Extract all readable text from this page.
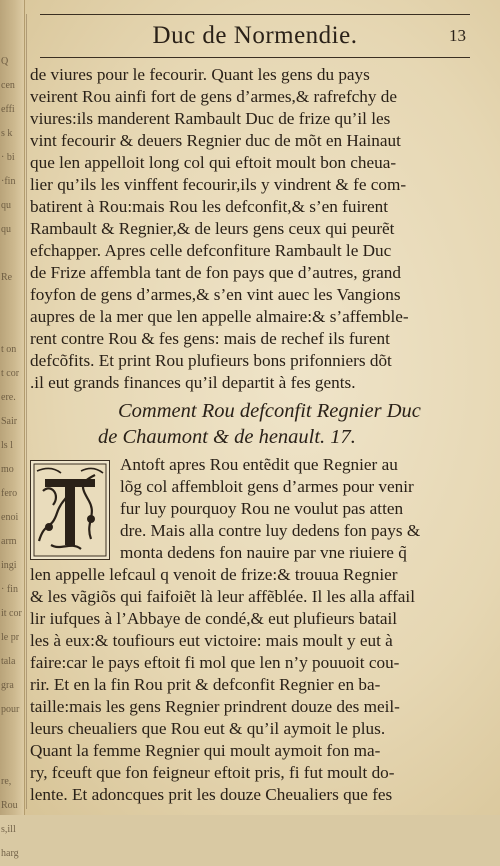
Q
cen
effi
s k
· bi
·fin
qu
qu
Re
t on
t cor
ere.
Sair
ls l
mo
fero
enoi
arm
ingi
· fin
it cor
le pr
tala
gra
pour
re,
Rou
s,ill
harg
Duc de Normendie.	13
de viures pour le fecourir. Quant les gens du pays
veirent Rou ainfi fort de gens d’armes,& rafrefchy de
viures:ils manderent Rambault Duc de frize qu’il les
vint fecourir & deuers Regnier duc de mõt en Hainaut
que len appelloit long col qui eftoit moult bon cheua-
lier qu’ils les vinffent fecourir,ils y vindrent & fe com-
batirent à Rou:mais Rou les defconfit,& s’en fuirent
Rambault & Regnier,& de leurs gens ceux qui peurẽt
efchapper. Apres celle defconfiture Rambault le Duc
de Frize affembla tant de fon pays que d’autres, grand
foyfon de gens d’armes,& s’en vint auec les Vangions
aupres de la mer que len appelle almaire:& s’affemble-
rent contre Rou & fes gens: mais de rechef ils furent
defcõfits. Et print Rou plufieurs bons prifonniers dõt
.il eut grands finances qu’il departit à fes gents.
Comment Rou defconfit Regnier Duc
de Chaumont & de henault. 17.
Antoft apres Rou entẽdit que Regnier au
lõg col affembloit gens d’armes pour venir
fur luy pourquoy Rou ne voulut pas atten
dre. Mais alla contre luy dedens fon pays &
monta dedens fon nauire par vne riuiere q̃
len appelle lefcaul q venoit de frize:& trouua Regnier
& les vãgiõs qui faifoiẽt là leur affẽblée. Il les alla affail
lir iufques à l’Abbaye de condé,& eut plufieurs batail
les à eux:& toufiours eut victoire: mais moult y eut à
faire:car le pays eftoit fi mol que len n’y pouuoit cou-
rir. Et en la fin Rou prit & defconfit Regnier en ba-
taille:mais les gens Regnier prindrent douze des meil-
leurs cheualiers que Rou eut & qu’il aymoit le plus.
Quant la femme Regnier qui moult aymoit fon ma-
ry, fceuft que fon feigneur eftoit pris, fi fut moult do-
lente. Et adoncques prit les douze Cheualiers que fes
